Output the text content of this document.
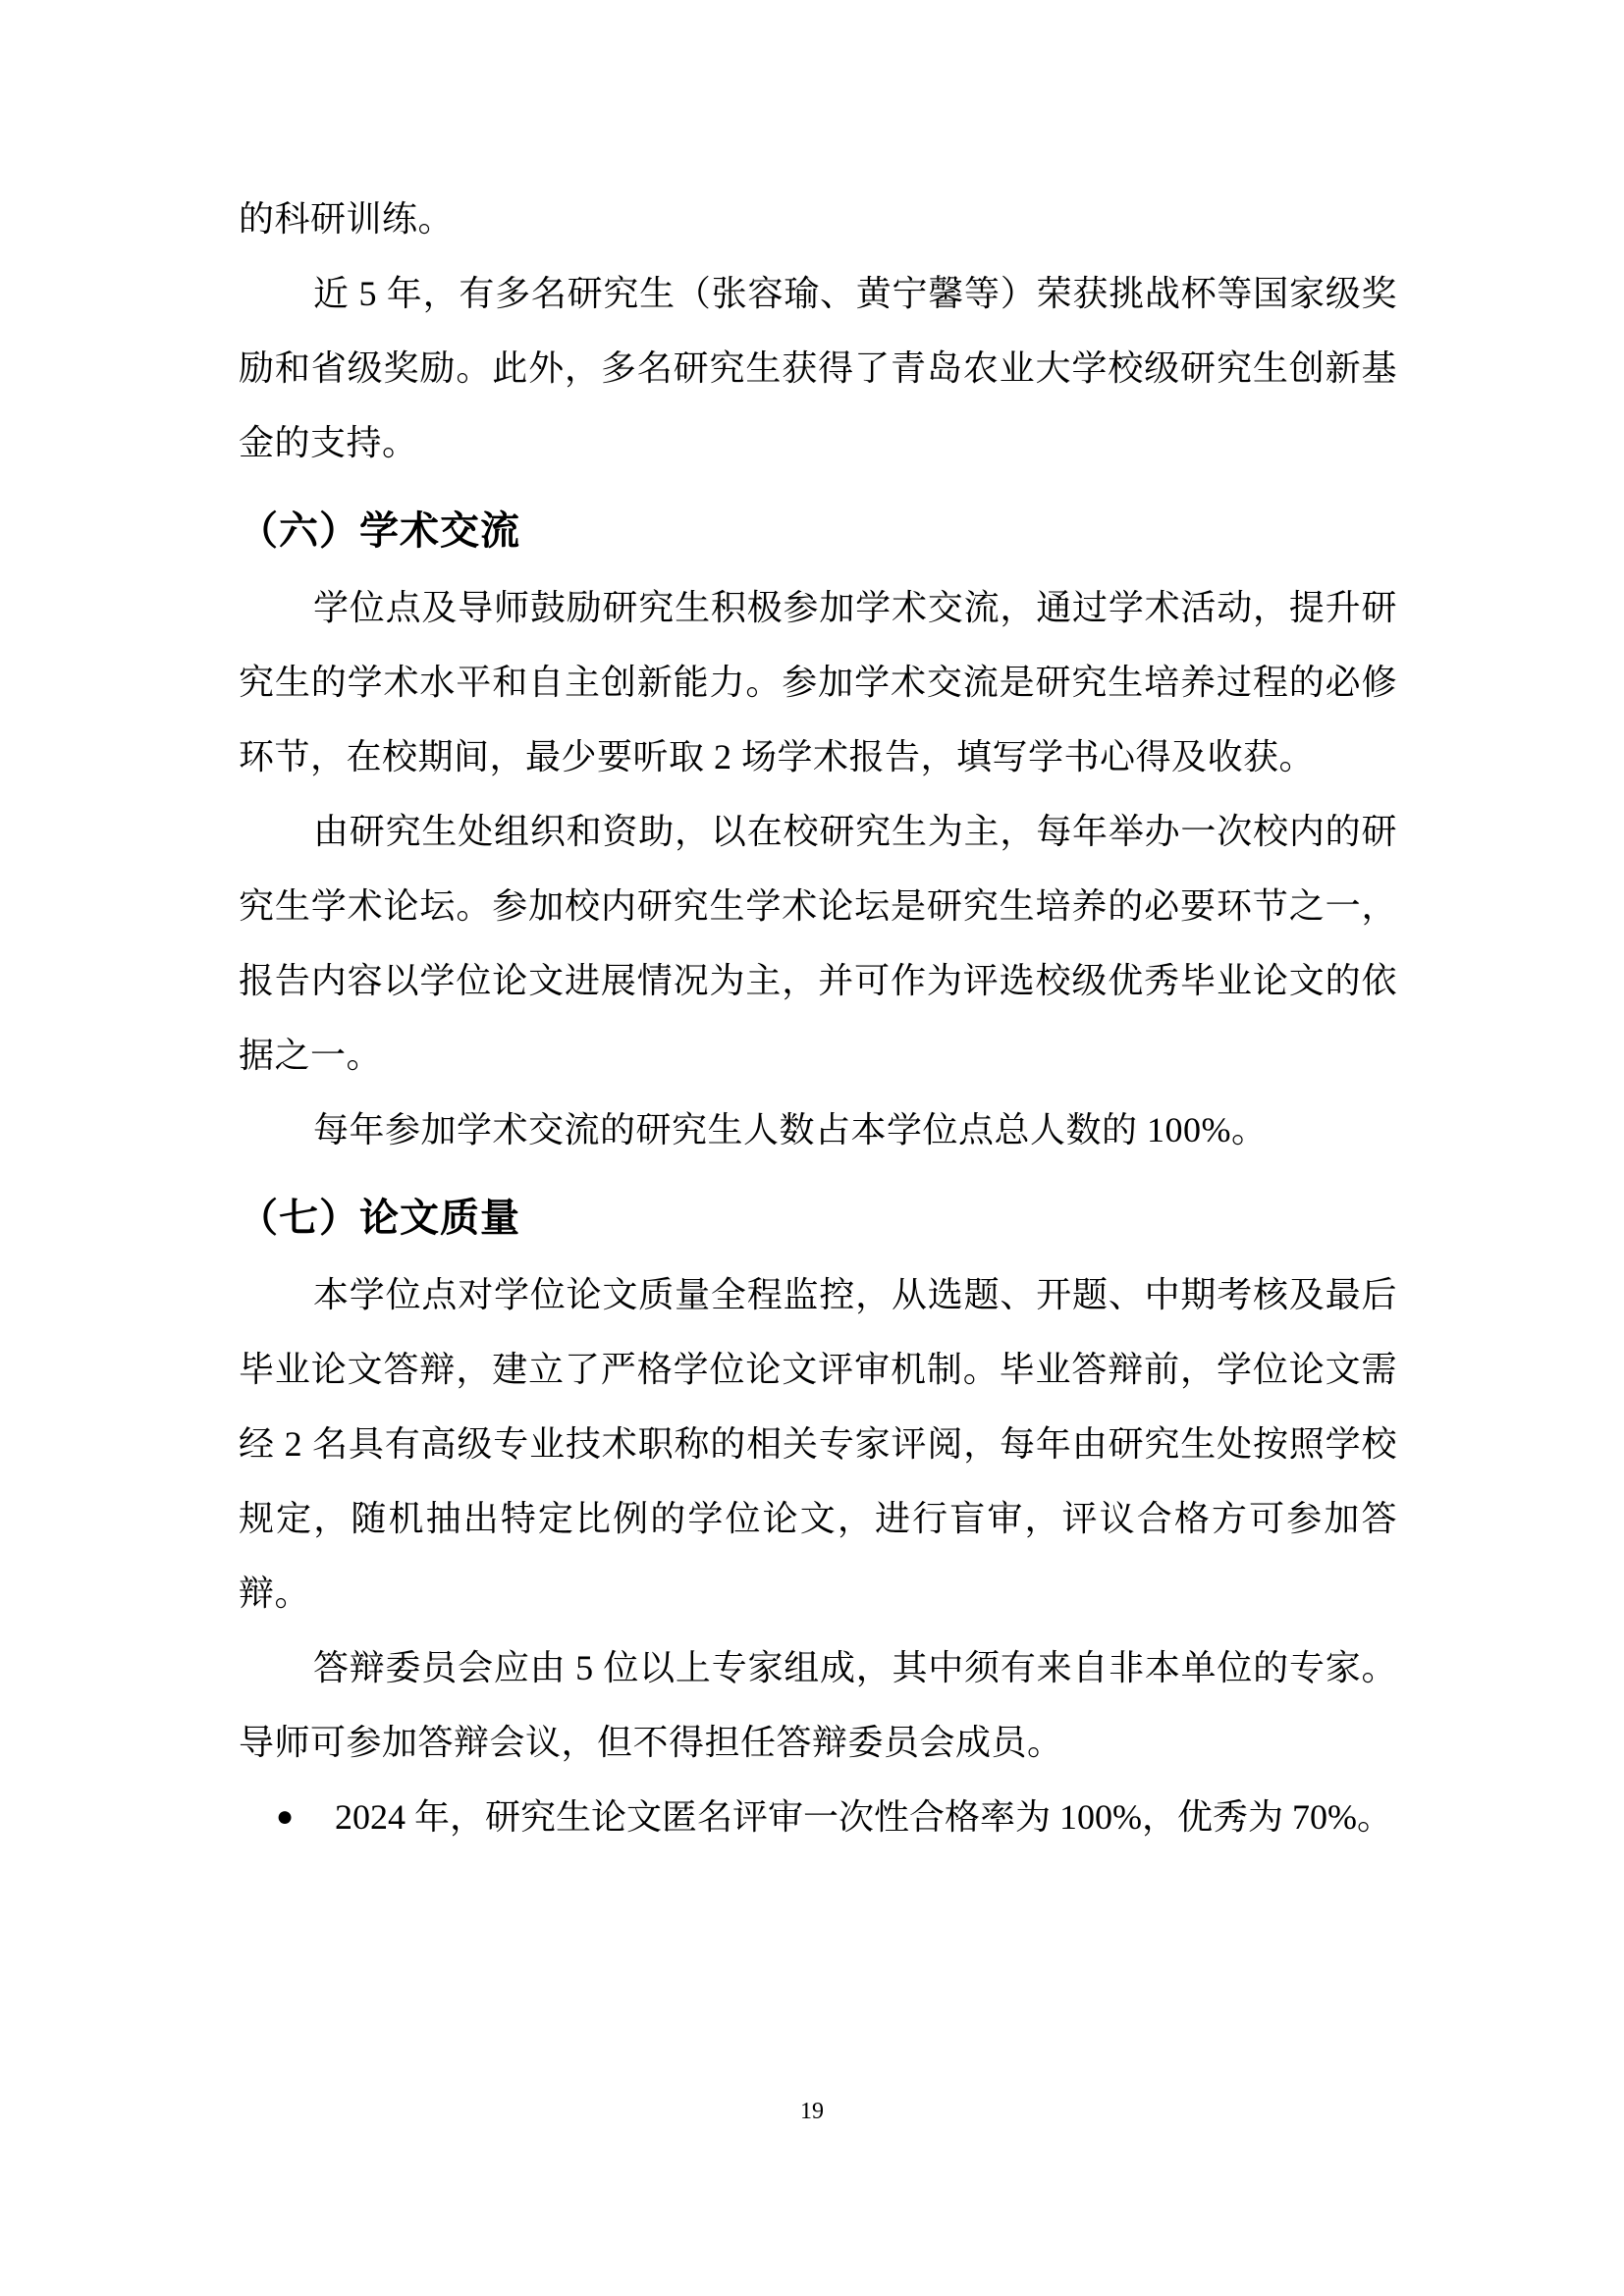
的科研训练。

近 5 年，有多名研究生（张容瑜、黄宁馨等）荣获挑战杯等国家级奖励和省级奖励。此外，多名研究生获得了青岛农业大学校级研究生创新基金的支持。

（六）学术交流

学位点及导师鼓励研究生积极参加学术交流，通过学术活动，提升研究生的学术水平和自主创新能力。参加学术交流是研究生培养过程的必修环节，在校期间，最少要听取 2 场学术报告，填写学书心得及收获。

由研究生处组织和资助，以在校研究生为主，每年举办一次校内的研究生学术论坛。参加校内研究生学术论坛是研究生培养的必要环节之一，报告内容以学位论文进展情况为主，并可作为评选校级优秀毕业论文的依据之一。

每年参加学术交流的研究生人数占本学位点总人数的 100%。

（七）论文质量

本学位点对学位论文质量全程监控，从选题、开题、中期考核及最后毕业论文答辩，建立了严格学位论文评审机制。毕业答辩前，学位论文需经 2 名具有高级专业技术职称的相关专家评阅，每年由研究生处按照学校规定，随机抽出特定比例的学位论文，进行盲审，评议合格方可参加答辩。

答辩委员会应由 5 位以上专家组成，其中须有来自非本单位的专家。导师可参加答辩会议，但不得担任答辩委员会成员。

● 2024 年，研究生论文匿名评审一次性合格率为 100%，优秀为 70%。
19
